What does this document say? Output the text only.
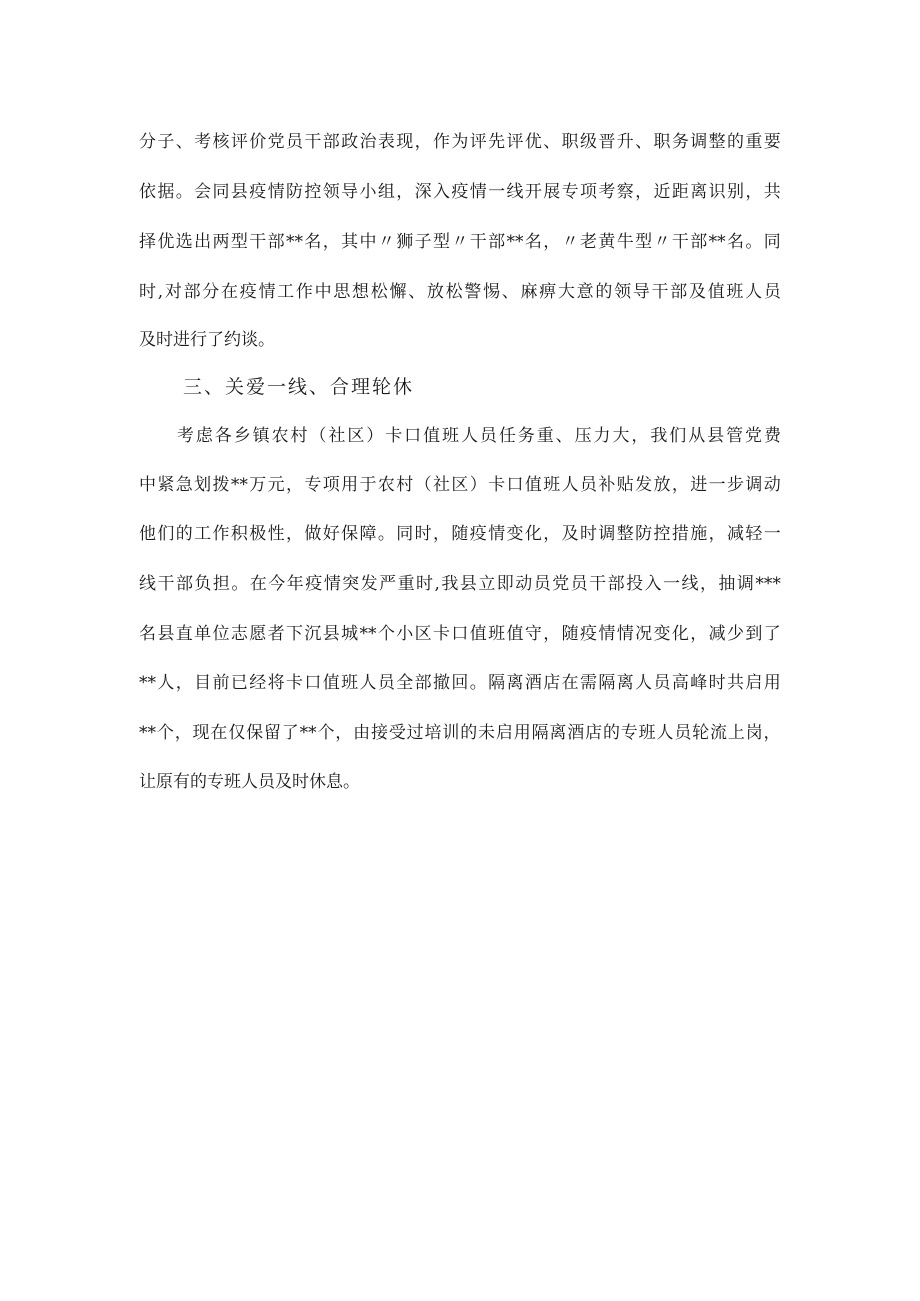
分 子 、 考 核 评 价 党 员 干 部 政 治 表 现 ， 作 为 评 先 评 优 、 职 级 晋 升 、 职 务 调 整 的 重 要
依 据 。 会 同 县 疫 情 防 控 领 导 小 组 ， 深 入 疫 情 一 线 开 展 专 项 考 察 ， 近 距 离 识 别 ， 共
择 优 选 出 两 型 干 部 ** 名 ， 其 中 〃 狮 子 型 〃 干 部 ** 名 ， 〃 老 黄 牛 型 〃 干 部 ** 名 。 同
时 , 对 部 分 在 疫 情 工 作 中 思 想 松 懈 、 放 松 警 惕 、 麻 痹 大 意 的 领 导 干 部 及 值 班 人 员
及时进行了约谈。
三、关爱一线、合理轮休

考 虑 各 乡 镇 农 村 （ 社 区 ） 卡 口 值 班 人 员 任 务 重 、 压 力 大 ， 我 们 从 县 管 党 费
中 紧 急 划 拨 ** 万 元 ， 专 项 用 于 农 村 （ 社 区 ） 卡 口 值 班 人 员 补 贴 发 放 ， 进 一 步 调 动
他 们 的 工 作 积 极 性 ， 做 好 保 障 。 同 时 ， 随 疫 情 变 化 ， 及 时 调 整 防 控 措 施 ， 减 轻 一
线 干 部 负 担 。 在 今 年 疫 情 突 发 严 重 时 , 我 县 立 即 动 员 党 员 干 部 投 入 一 线 ， 抽 调 ***
名 县 直 单 位 志 愿 者 下 沉 县 城 ** 个 小 区 卡 口 值 班 值 守 ， 随 疫 情 情 况 变 化 ， 减 少 到 了
** 人 ， 目 前 已 经 将 卡 口 值 班 人 员 全 部 撤 回 。 隔 离 酒 店 在 需 隔 离 人 员 高 峰 时 共 启 用
** 个 ， 现 在 仅 保 留 了 ** 个 ， 由 接 受 过 培 训 的 未 启 用 隔 离 酒 店 的 专 班 人 员 轮 流 上 岗 ，
让原有的专班人员及时休息。
